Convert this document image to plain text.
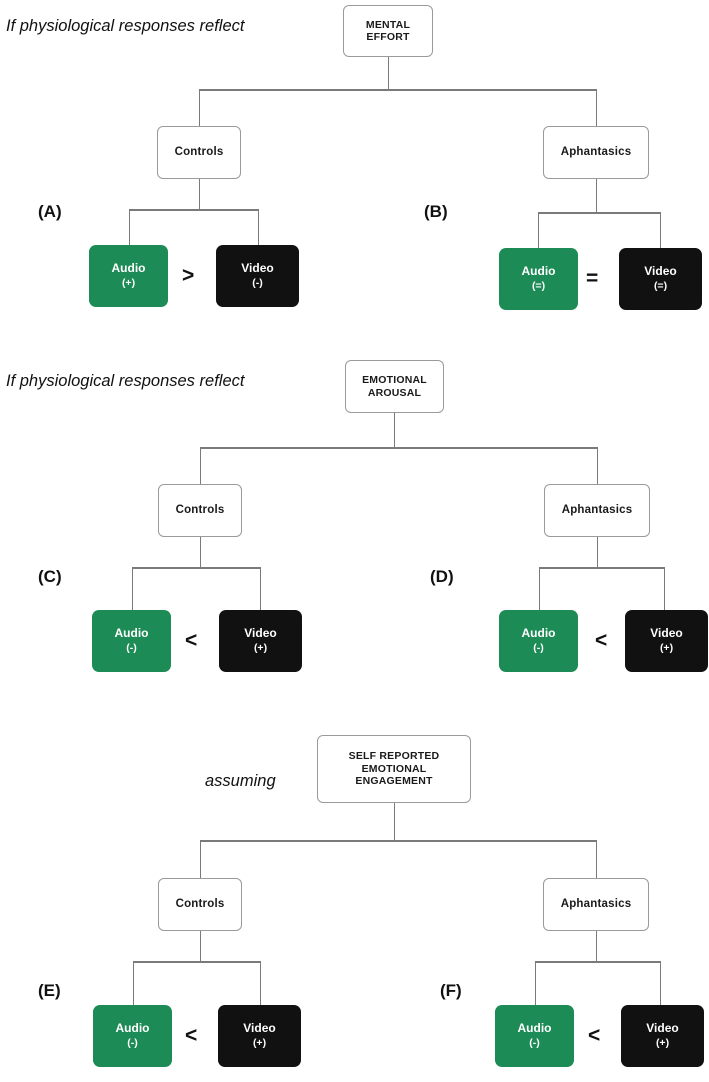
If physiological responses reflect	MENTAL
EFFORT
Controls	Aphantasics
(A)	(B)
Audio
(+) >	Video
(-)
Audio
(=) =	Video
(=)
If physiological responses reflect	EMOTIONAL
AROUSAL
Controls	Aphantasics
(C)	(D)
Audio
(-) <	Video
(+)
Audio
(-) <	Video
(+)
assuming
SELF REPORTED
EMOTIONAL
ENGAGEMENT
Controls	Aphantasics
(E)	(F)
Audio
(-) <	Video
(+)
Audio
(-) <	Video
(+)
